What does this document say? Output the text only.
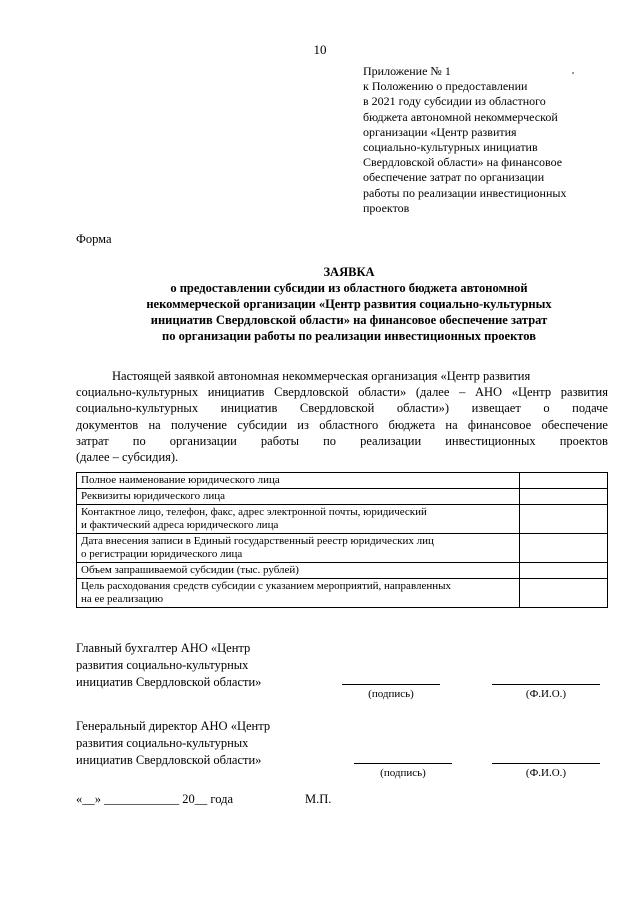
10
Приложение № 1
к Положению о предоставлении
в 2021 году субсидии из областного
бюджета автономной некоммерческой
организации «Центр развития
социально-культурных инициатив
Свердловской области» на финансовое
обеспечение затрат по организации
работы по реализации инвестиционных
проектов
Форма
ЗАЯВКА
о предоставлении субсидии из областного бюджета автономной
некоммерческой организации «Центр развития социально-культурных
инициатив Свердловской области» на финансовое обеспечение затрат
по организации работы по реализации инвестиционных проектов
Настоящей заявкой автономная некоммерческая организация «Центр развития
социально-культурных инициатив Свердловской области» (далее – АНО «Центр развития
социально-культурных инициатив Свердловской области») извещает о подаче
документов на получение субсидии из областного бюджета на финансовое обеспечение
затрат по организации работы по реализации инвестиционных проектов
(далее – субсидия).
Полное наименование юридического лица	

Реквизиты юридического лица	

Контактное лицо, телефон, факс, адрес электронной почты, юридический
и фактический адреса юридического лица	

Дата внесения записи в Единый государственный реестр юридических лиц
о регистрации юридического лица	

Объем запрашиваемой субсидии (тыс. рублей)	

Цель расходования средств субсидии с указанием мероприятий, направленных
на ее реализацию	

Главный бухгалтер АНО «Центр
развития социально-культурных
инициатив Свердловской области»
(подпись)	(Ф.И.О.)
Генеральный директор АНО «Центр
развития социально-культурных
инициатив Свердловской области»
(подпись)	(Ф.И.О.)
«__» ____________ 20__ года	М.П.
